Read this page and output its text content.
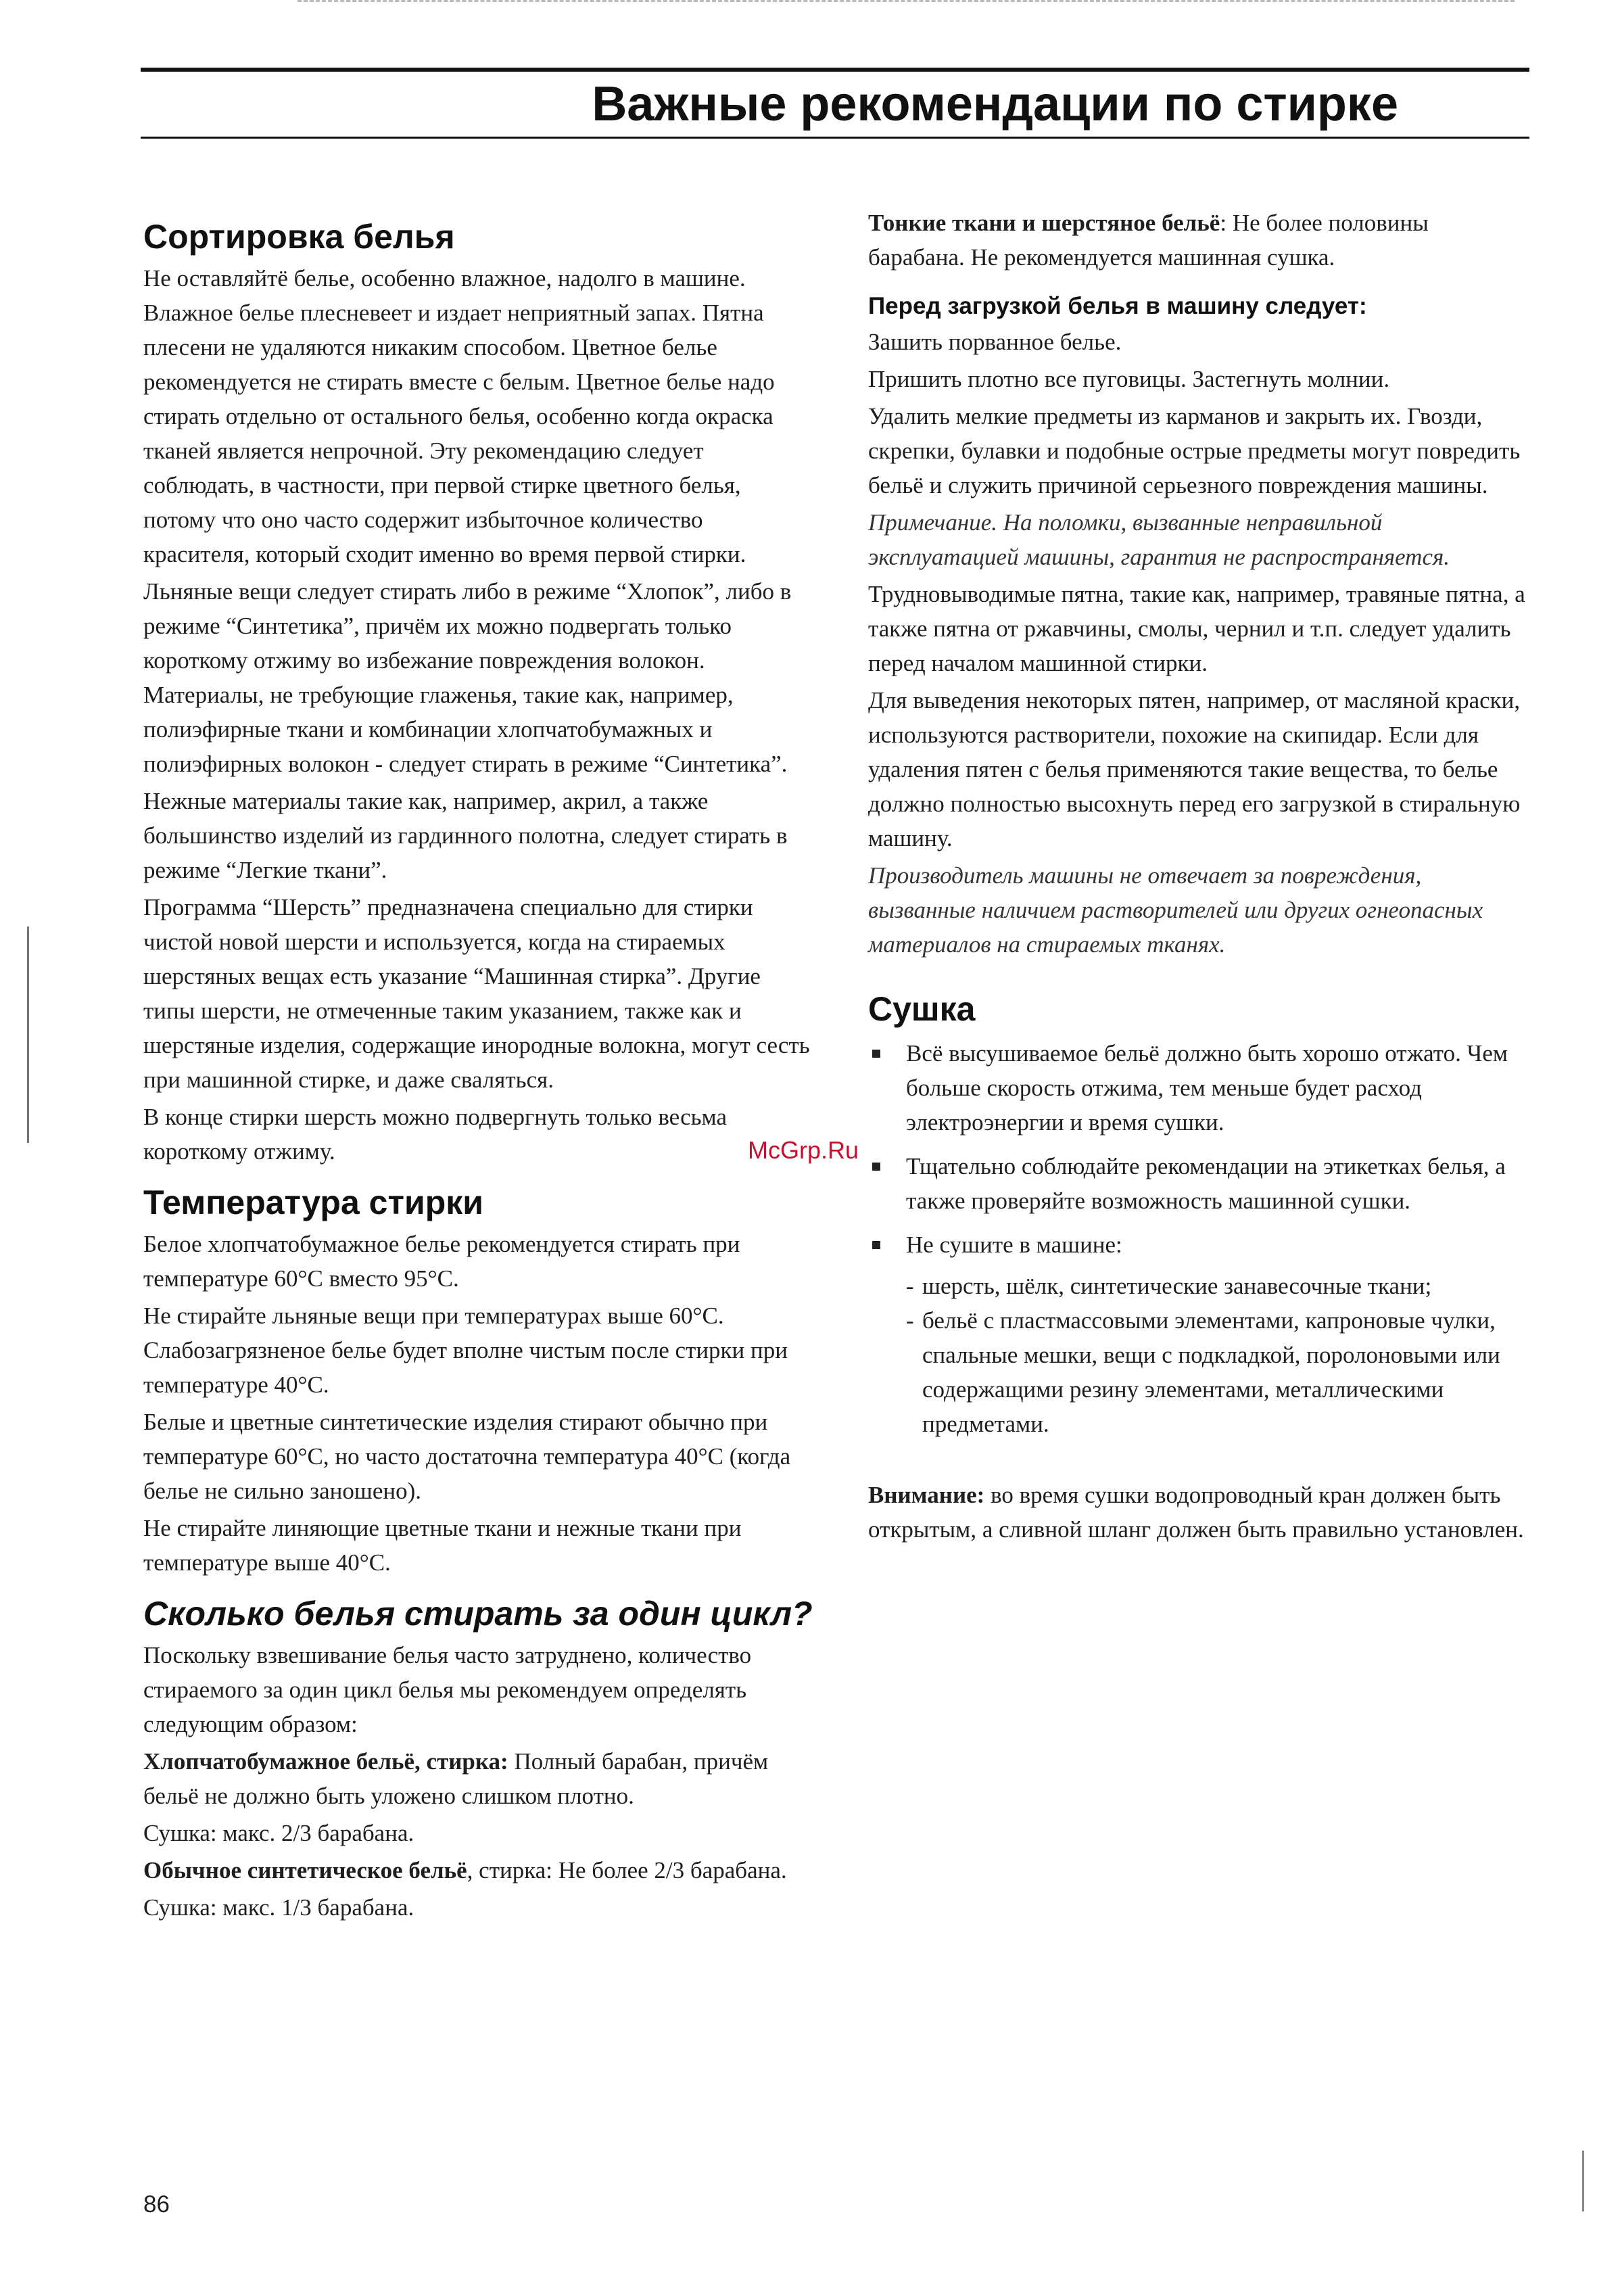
Важные рекомендации по стирке
Сортировка белья

Не оставляйтё белье, особенно влажное, надолго в машине. Влажное белье плесневеет и издает неприятный запах. Пятна плесени не удаляются никаким способом. Цветное белье рекомендуется не стирать вместе с белым. Цветное белье надо стирать отдельно от остального белья, особенно когда окраска тканей является непрочной. Эту рекомендацию следует соблюдать, в частности, при первой стирке цветного белья, потому что оно часто содержит избыточное количество красителя, который сходит именно во время первой стирки.

Льняные вещи следует стирать либо в режиме “Хлопок”, либо в режиме “Синтетика”, причём их можно подвергать только короткому отжиму во избежание повреждения волокон. Материалы, не требующие глаженья, такие как, например, полиэфирные ткани и комбинации хлопчатобумажных и полиэфирных волокон - следует стирать в режиме “Синтетика”.

Нежные материалы такие как, например, акрил, а также большинство изделий из гардинного полотна, следует стирать в режиме “Легкие ткани”.

Программа “Шерсть” предназначена специально для стирки чистой новой шерсти и используется, когда на стираемых шерстяных вещах есть указание “Машинная стирка”. Другие типы шерсти, не отмеченные таким указанием, также как и шерстяные изделия, содержащие инородные волокна, могут сесть при машинной стирке, и даже сваляться.

В конце стирки шерсть можно подвергнуть только весьма короткому отжиму.

Температура стирки

Белое хлопчатобумажное белье рекомендуется стирать при температуре 60°С вместо 95°С.

Не стирайте льняные вещи при температурах выше 60°С. Слабозагрязненое белье будет вполне чистым после стирки при температуре 40°С.

Белые и цветные синтетические изделия стирают обычно при температуре 60°С, но часто достаточна температура 40°С (когда белье не сильно заношено).

Не стирайте линяющие цветные ткани и нежные ткани при температуре выше 40°С.

Сколько белья стирать за один цикл?

Поскольку взвешивание белья часто затруднено, количество стираемого за один цикл белья мы рекомендуем определять следующим образом:

Хлопчатобумажное бельё, стирка: Полный барабан, причём бельё не должно быть уложено слишком плотно.

Сушка: макс. 2/3 барабана.

Обычное синтетическое бельё, стирка: Не более 2/3 барабана.

Сушка: макс. 1/3 барабана.

Тонкие ткани и шерстяное бельё: Не более половины барабана. Не рекомендуется машинная сушка.

Перед загрузкой белья в машину следует:

Зашить порванное белье.

Пришить плотно все пуговицы. Застегнуть молнии.

Удалить мелкие предметы из карманов и закрыть их. Гвозди, скрепки, булавки и подобные острые предметы могут повредить бельё и служить причиной серьезного повреждения машины.

Примечание. На поломки, вызванные неправильной эксплуатацией машины, гарантия не распространяется.

Трудновыводимые пятна, такие как, например, травяные пятна, а также пятна от ржавчины, смолы, чернил и т.п. следует удалить перед началом машинной стирки.

Для выведения некоторых пятен, например, от масляной краски, используются растворители, похожие на скипидар. Если для удаления пятен с белья применяются такие вещества, то белье должно полностью высохнуть перед его загрузкой в стиральную машину.

Производитель машины не отвечает за повреждения, вызванные наличием растворителей или других огнеопасных материалов на стираемых тканях.

Сушка
Всё высушиваемое бельё должно быть хорошо отжато. Чем больше скорость отжима, тем меньше будет расход электроэнергии и время сушки.
Тщательно соблюдайте рекомендации на этикетках белья, а также проверяйте возможность машинной сушки.
Не сушите в машине:
- шерсть, шёлк, синтетические занавесочные ткани;
- бельё с пластмассовыми элементами, капроновые чулки, спальные мешки, вещи с подкладкой, поролоновыми или содержащими резину элементами, металлическими предметами.

Внимание: во время сушки водопроводный кран должен быть открытым, а сливной шланг должен быть правильно установлен.

McGrp.Ru

86
